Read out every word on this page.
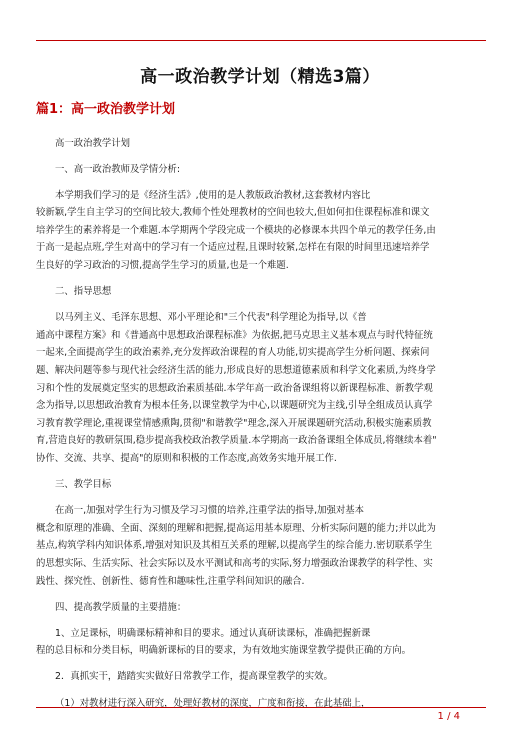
高一政治教学计划（精选3篇）
篇1：高一政治教学计划
高一政治教学计划
一、高一政治教师及学情分析:
本学期我们学习的是《经济生活》,使用的是人教版政治教材,这套教材内容比
较新颖,学生自主学习的空间比较大,教师个性处理教材的空间也较大,但如何扣住课程标准和课文
培养学生的素养将是一个难题.本学期两个学段完成一个模块的必修课本共四个单元的教学任务,由
于高一是起点班,学生对高中的学习有一个适应过程,且课时较紧,怎样在有限的时间里迅速培养学
生良好的学习政治的习惯,提高学生学习的质量,也是一个难题.
二、指导思想
以马列主义、毛泽东思想、邓小平理论和"三个代表"科学理论为指导,以《普
通高中课程方案》和《普通高中思想政治课程标准》为依据,把马克思主义基本观点与时代特征统
一起来,全面提高学生的政治素养,充分发挥政治课程的育人功能,切实提高学生分析问题、探索问
题、解决问题等参与现代社会经济生活的能力,形成良好的思想道德素质和科学文化素质,为终身学
习和个性的发展奠定坚实的思想政治素质基础.本学年高一政治备课组将以新课程标准、新教学观
念为指导,以思想政治教育为根本任务,以课堂教学为中心,以课题研究为主线,引导全组成员认真学
习教育教学理论,重视课堂情感熏陶,贯彻"和谐教学"理念,深入开展课题研究活动,积极实施素质教
育,营造良好的教研氛围,稳步提高我校政治教学质量.本学期高一政治备课组全体成员,将继续本着"
协作、交流、共享、提高"的原则和积极的工作态度,高效务实地开展工作.
三、教学目标
在高一,加强对学生行为习惯及学习习惯的培养,注重学法的指导,加强对基本
概念和原理的准确、全面、深刻的理解和把握,提高运用基本原理、分析实际问题的能力;并以此为
基点,构筑学科内知识体系,增强对知识及其相互关系的理解,以提高学生的综合能力.密切联系学生
的思想实际、生活实际、社会实际以及水平测试和高考的实际,努力增强政治课教学的科学性、实
践性、探究性、创新性、德育性和趣味性,注重学科间知识的融合.
四、提高教学质量的主要措施：
1、立足课标，明确课标精神和目的要求。通过认真研读课标，准确把握新课
程的总目标和分类目标，明确新课标的目的要求，为有效地实施课堂教学提供正确的方向。
2．真抓实干，踏踏实实做好日常教学工作，提高课堂教学的实效。
（1）对教材进行深入研究，处理好教材的深度，广度和衔接，在此基础上，
1 / 4
